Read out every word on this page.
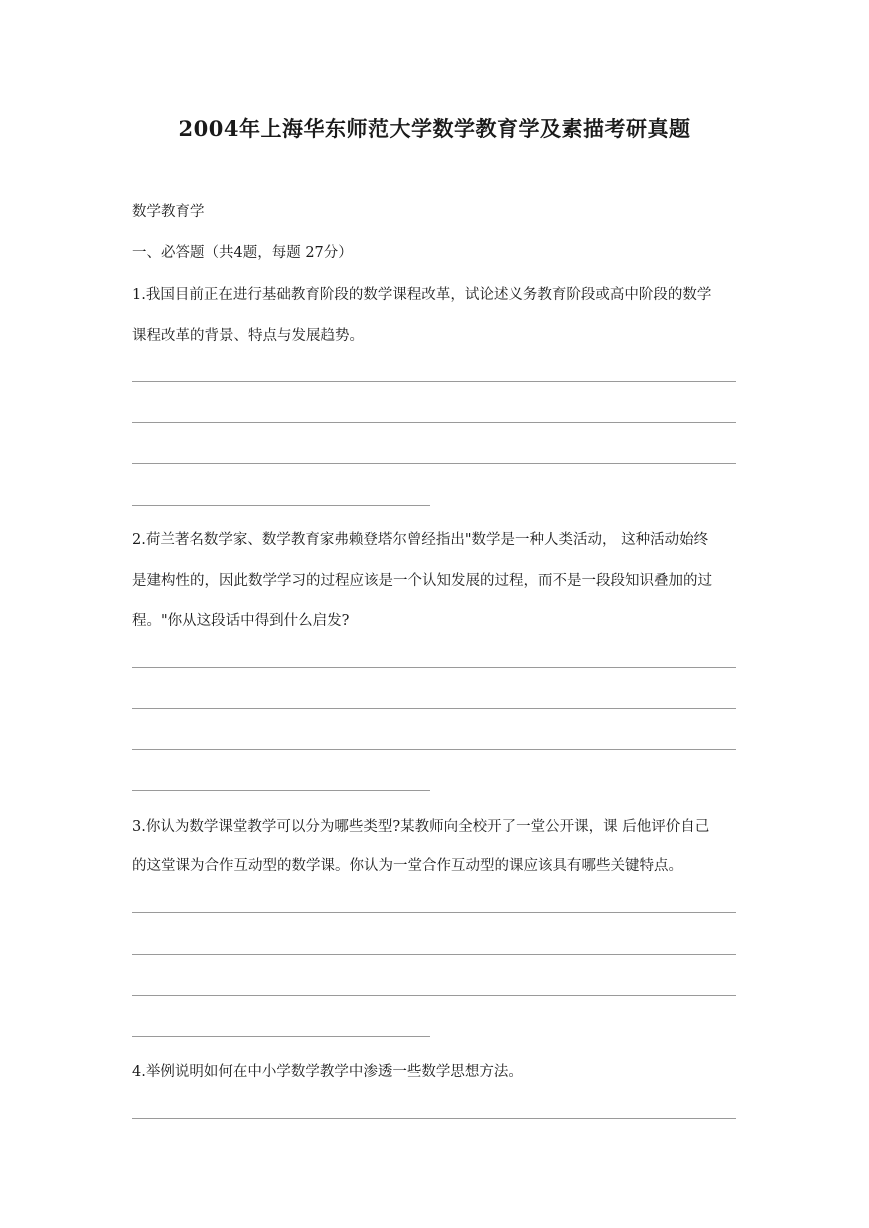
2004年上海华东师范大学数学教育学及素描考研真题
数学教育学
一、必答题（共4题，每题 27分）
1.我国目前正在进行基础教育阶段的数学课程改革，试论述义务教育阶段或高中阶段的数学
课程改革的背景、特点与发展趋势。
2.荷兰著名数学家、数学教育家弗赖登塔尔曾经指出"数学是一种人类活动， 这种活动始终
是建构性的，因此数学学习的过程应该是一个认知发展的过程，而不是一段段知识叠加的过
程。"你从这段话中得到什么启发?
3.你认为数学课堂教学可以分为哪些类型?某教师向全校开了一堂公开课，课 后他评价自己
的这堂课为合作互动型的数学课。你认为一堂合作互动型的课应该具有哪些关键特点。
4.举例说明如何在中小学数学教学中渗透一些数学思想方法。
